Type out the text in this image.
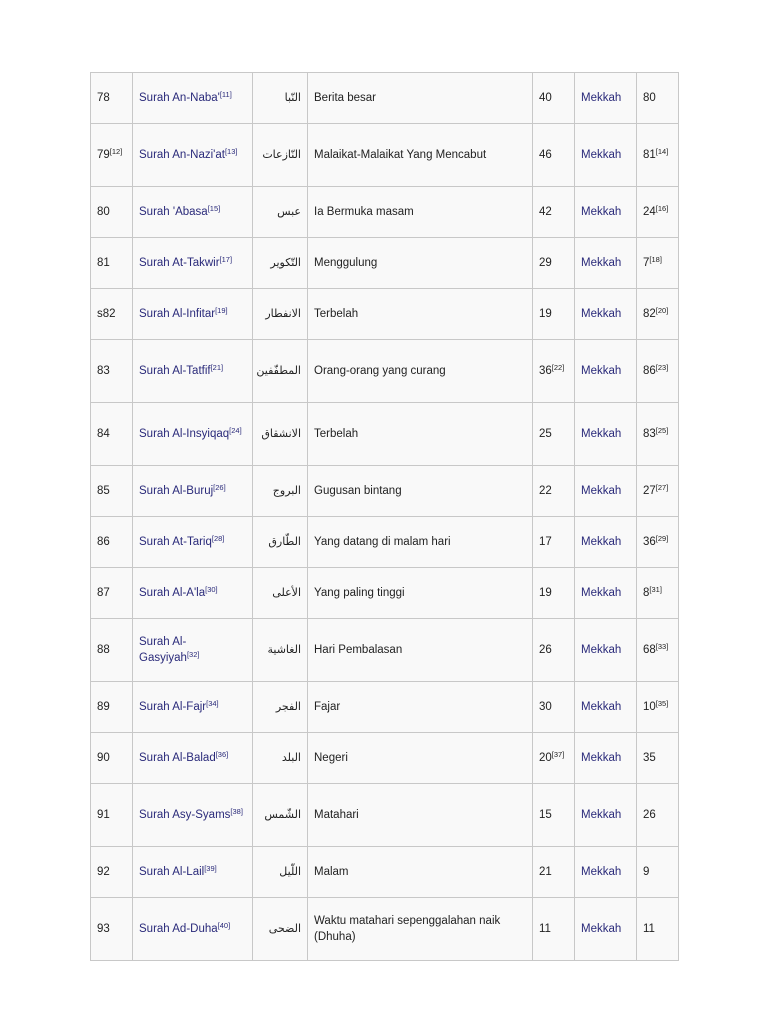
78	Surah An-Naba'[11]	النّبا	Berita besar	40	Mekkah	80
79[12]	Surah An-Nazi'at[13]	النّازعات	Malaikat-Malaikat Yang Mencabut	46	Mekkah	81[14]
80	Surah 'Abasa[15]	عبس	Ia Bermuka masam	42	Mekkah	24[16]
81	Surah At-Takwir[17]	التّكوير	Menggulung	29	Mekkah	7[18]
s82	Surah Al-Infitar[19]	الانفطار	Terbelah	19	Mekkah	82[20]
83	Surah Al-Tatfif[21]	المطفّفين	Orang-orang yang curang	36[22]	Mekkah	86[23]
84	Surah Al-Insyiqaq[24]	الانشقاق	Terbelah	25	Mekkah	83[25]
85	Surah Al-Buruj[26]	البروج	Gugusan bintang	22	Mekkah	27[27]
86	Surah At-Tariq[28]	الطّارق	Yang datang di malam hari	17	Mekkah	36[29]
87	Surah Al-A'la[30]	الأعلى	Yang paling tinggi	19	Mekkah	8[31]
88	Surah Al-Gasyiyah[32]	الغاشية	Hari Pembalasan	26	Mekkah	68[33]
89	Surah Al-Fajr[34]	الفجر	Fajar	30	Mekkah	10[35]
90	Surah Al-Balad[36]	البلد	Negeri	20[37]	Mekkah	35
91	Surah Asy-Syams[38]	الشّمس	Matahari	15	Mekkah	26
92	Surah Al-Lail[39]	اللّيل	Malam	21	Mekkah	9
93	Surah Ad-Duha[40]	الضحى	Waktu matahari sepenggalahan naik (Dhuha)	11	Mekkah	11
